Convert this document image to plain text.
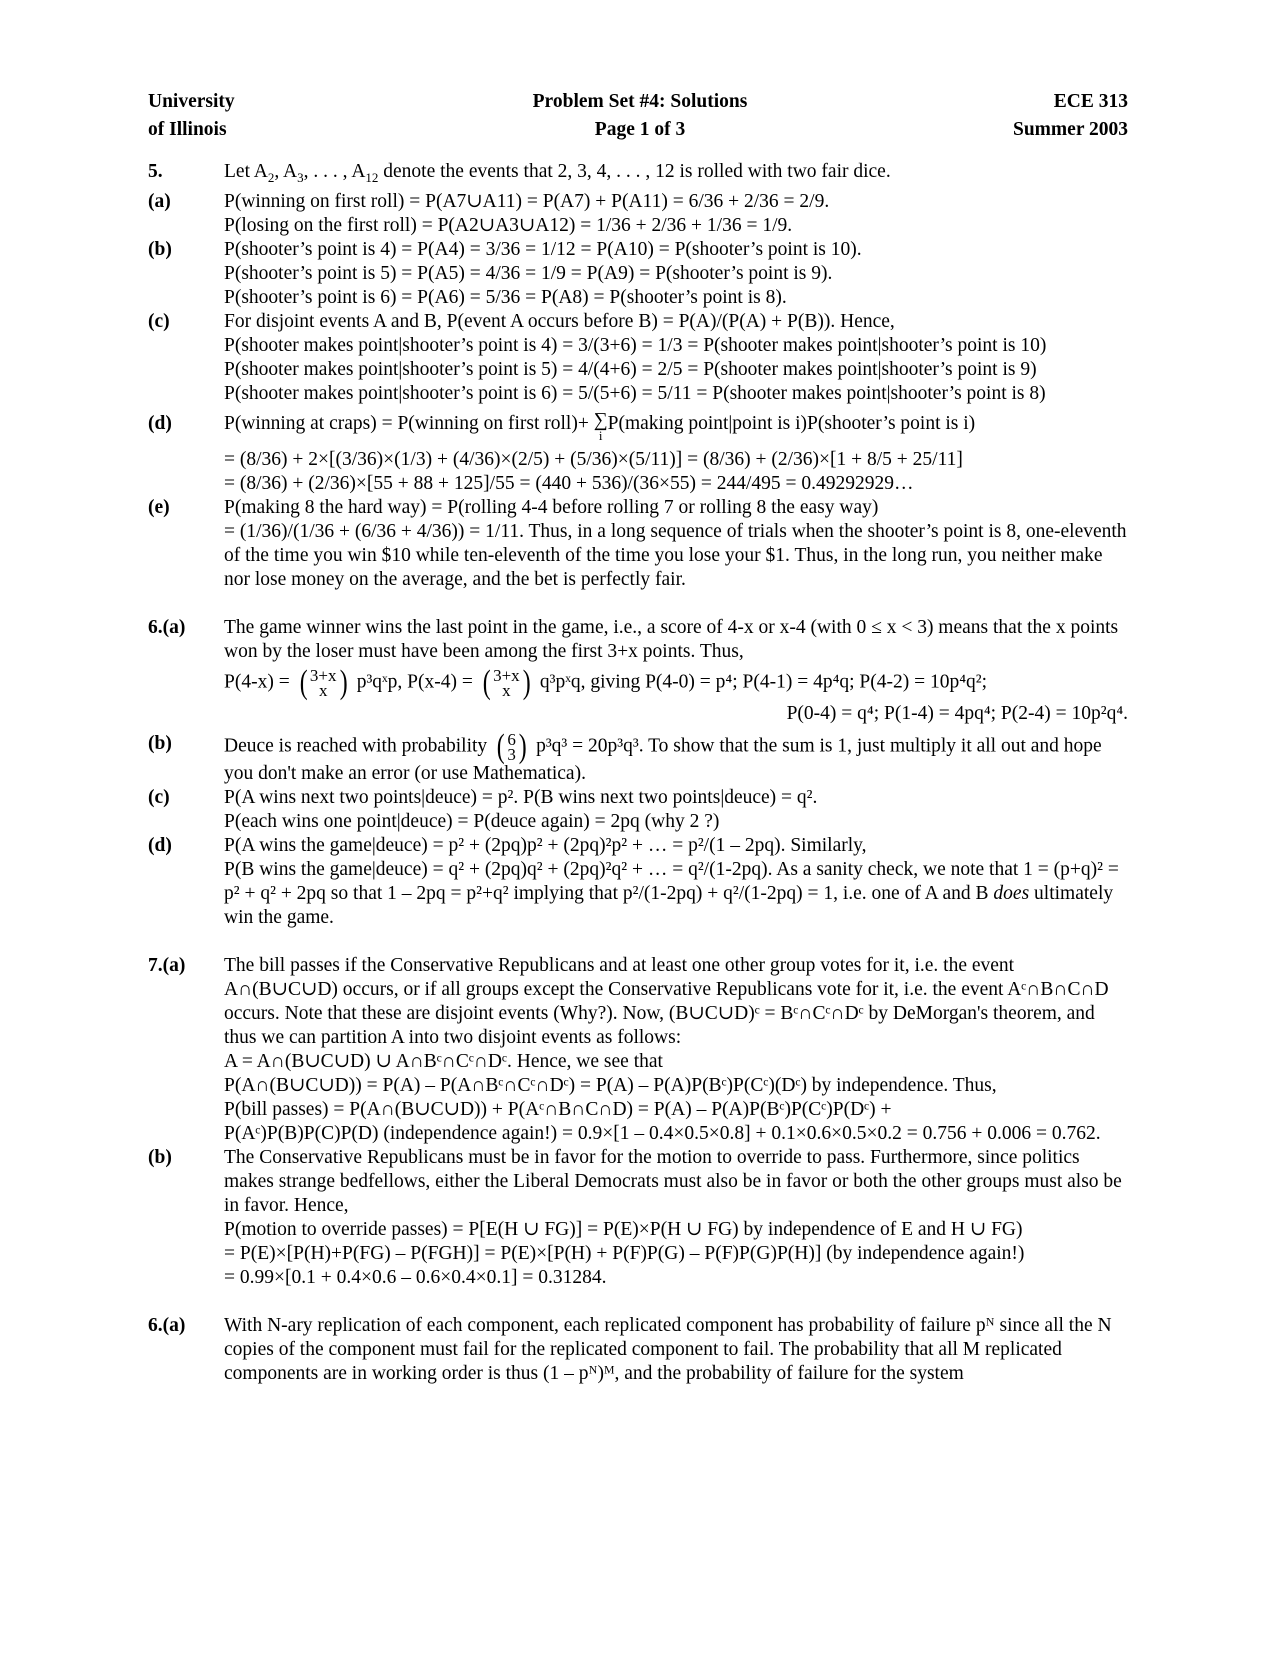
University
of Illinois
Problem Set #4: Solutions
Page 1 of 3
ECE 313
Summer 2003
5.	Let $A_2$, $A_3$, . . . , $A_{12}$ denote the events that 2, 3, 4, . . . , 12 is rolled with two fair dice.
(a)	P(winning on first roll) = P(A7∪A11) = P(A7) + P(A11) = 6/36 + 2/36 = 2/9.
P(losing on the first roll) = P(A2∪A3∪A12) = 1/36 + 2/36 + 1/36 = 1/9.
(b)	P(shooter’s point is 4) = P(A4) = 3/36 = 1/12 = P(A10) = P(shooter’s point is 10).
P(shooter’s point is 5) = P(A5) = 4/36 = 1/9 = P(A9) = P(shooter’s point is 9).
P(shooter’s point is 6) = P(A6) = 5/36 = P(A8) = P(shooter’s point is 8).
(c)	For disjoint events A and B, P(event A occurs before B) = P(A)/(P(A) + P(B)). Hence,
P(shooter makes point|shooter’s point is 4) = 3/(3+6) = 1/3 = P(shooter makes point|shooter’s point is 10)
P(shooter makes point|shooter’s point is 5) = 4/(4+6) = 2/5 = P(shooter makes point|shooter’s point is 9)
P(shooter makes point|shooter’s point is 6) = 5/(5+6) = 5/11 = P(shooter makes point|shooter’s point is 8)
(d)	P(winning at craps) = P(winning on first roll)+ ∑
i
P(making point|point is i)P(shooter’s point is i)
= (8/36) + 2×[(3/36)×(1/3) + (4/36)×(2/5) + (5/36)×(5/11)] = (8/36) + (2/36)×[1 + 8/5 + 25/11]
= (8/36) + (2/36)×[55 + 88 + 125]/55 = (440 + 536)/(36×55) = 244/495 = 0.49292929…
(e)	P(making 8 the hard way) = P(rolling 4-4 before rolling 7 or rolling 8 the easy way)
= (1/36)/(1/36 + (6/36 + 4/36)) = 1/11. Thus, in a long sequence of trials when the shooter’s point is 8, one-eleventh of the time you win $10 while ten-eleventh of the time you lose your $1. Thus, in the long run, you neither make nor lose money on the average, and the bet is perfectly fair.
6.(a)	The game winner wins the last point in the game, i.e., a score of 4-x or x-4 (with 0 ≤ x < 3) means that the x points won by the loser must have been among the first 3+x points. Thus,
P(4-x) = ( 3+x
x ) p³qˣp, P(x-4) = ( 3+x
x ) q³pˣq, giving P(4-0) = p⁴; P(4-1) = 4p⁴q; P(4-2) = 10p⁴q²;
P(0-4) = q⁴; P(1-4) = 4pq⁴; P(2-4) = 10p²q⁴.
(b)	Deuce is reached with probability ( 6
3 ) p³q³ = 20p³q³. To show that the sum is 1, just multiply it all out and hope you don't make an error (or use Mathematica).
(c)	P(A wins next two points|deuce) = p². P(B wins next two points|deuce) = q².
P(each wins one point|deuce) = P(deuce again) = 2pq (why 2 ?)
(d)	P(A wins the game|deuce) = p² + (2pq)p² + (2pq)²p² + … = p²/(1 – 2pq). Similarly,
P(B wins the game|deuce) = q² + (2pq)q² + (2pq)²q² + … = q²/(1-2pq). As a sanity check, we note that 1 = (p+q)² = p² + q² + 2pq so that 1 – 2pq = p²+q² implying that p²/(1-2pq) + q²/(1-2pq) = 1, i.e. one of A and B does ultimately win the game.
7.(a)	The bill passes if the Conservative Republicans and at least one other group votes for it, i.e. the event A∩(B∪C∪D) occurs, or if all groups except the Conservative Republicans vote for it, i.e. the event Aᶜ∩B∩C∩D occurs. Note that these are disjoint events (Why?). Now, (B∪C∪D)ᶜ = Bᶜ∩Cᶜ∩Dᶜ by DeMorgan's theorem, and thus we can partition A into two disjoint events as follows:
A = A∩(B∪C∪D) ∪ A∩Bᶜ∩Cᶜ∩Dᶜ. Hence, we see that
P(A∩(B∪C∪D)) = P(A) – P(A∩Bᶜ∩Cᶜ∩Dᶜ) = P(A) – P(A)P(Bᶜ)P(Cᶜ)(Dᶜ) by independence. Thus,
P(bill passes) = P(A∩(B∪C∪D)) + P(Aᶜ∩B∩C∩D) = P(A) – P(A)P(Bᶜ)P(Cᶜ)P(Dᶜ) +
P(Aᶜ)P(B)P(C)P(D) (independence again!) = 0.9×[1 – 0.4×0.5×0.8] + 0.1×0.6×0.5×0.2 = 0.756 + 0.006 = 0.762.
(b)	The Conservative Republicans must be in favor for the motion to override to pass. Furthermore, since politics makes strange bedfellows, either the Liberal Democrats must also be in favor or both the other groups must also be in favor. Hence,
P(motion to override passes) = P[E(H ∪ FG)] = P(E)×P(H ∪ FG) by independence of E and H ∪ FG)
= P(E)×[P(H)+P(FG) – P(FGH)] = P(E)×[P(H) + P(F)P(G) – P(F)P(G)P(H)] (by independence again!)
= 0.99×[0.1 + 0.4×0.6 – 0.6×0.4×0.1] = 0.31284.
6.(a)	With N-ary replication of each component, each replicated component has probability of failure pᴺ since all the N copies of the component must fail for the replicated component to fail. The probability that all M replicated components are in working order is thus (1 – pᴺ)ᴹ, and the probability of failure for the system
